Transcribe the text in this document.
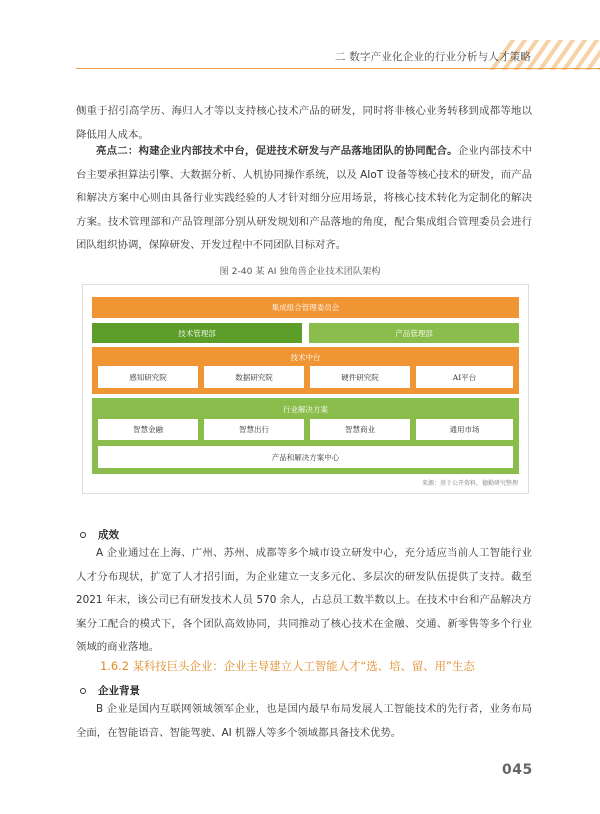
二 数字产业化企业的行业分析与人才策略
侧重于招引高学历、海归人才等以支持核心技术产品的研发，同时将非核心业务转移到成都等地以降低用人成本。
亮点二：构建企业内部技术中台，促进技术研发与产品落地团队的协同配合。企业内部技术中台主要承担算法引擎、大数据分析、人机协同操作系统，以及 AIoT 设备等核心技术的研发，而产品和解决方案中心则由具备行业实践经验的人才针对细分应用场景，将核心技术转化为定制化的解决方案。技术管理部和产品管理部分别从研发规划和产品落地的角度，配合集成组合管理委员会进行团队组织协调，保障研发、开发过程中不同团队目标对齐。
图 2-40 某 AI 独角兽企业技术团队架构
集成组合管理委员会
技术管理部	产品管理部
技术中台
感知研究院	数据研究院	硬件研究院	AI平台
行业解决方案
智慧金融	智慧出行	智慧商业	通用市场
产品和解决方案中心
来源：基于公开资料，德勤研究整理
成效
A 企业通过在上海、广州、苏州、成都等多个城市设立研发中心，充分适应当前人工智能行业人才分布现状，扩宽了人才招引面，为企业建立一支多元化、多层次的研发队伍提供了支持。截至 2021 年末，该公司已有研发技术人员 570 余人，占总员工数半数以上。在技术中台和产品解决方案分工配合的模式下，各个团队高效协同，共同推动了核心技术在金融、交通、新零售等多个行业领域的商业落地。
1.6.2 某科技巨头企业：企业主导建立人工智能人才“选、培、留、用”生态
企业背景
B 企业是国内互联网领域领军企业，也是国内最早布局发展人工智能技术的先行者，业务布局全面，在智能语音、智能驾驶、AI 机器人等多个领域都具备技术优势。
045
